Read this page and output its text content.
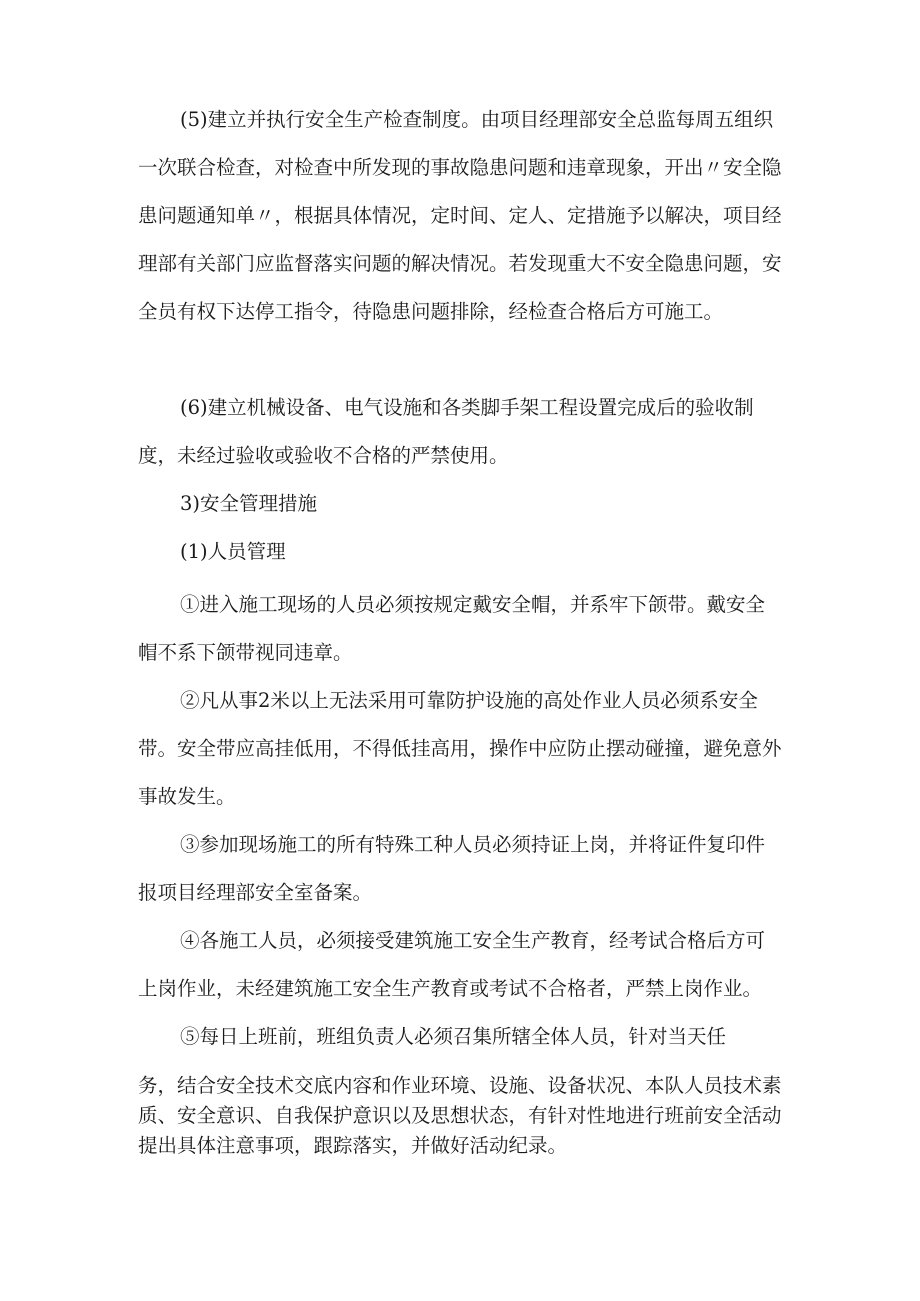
(5)建立并执行安全生产检查制度。由项目经理部安全总监每周五组织一次联合检查，对检查中所发现的事故隐患问题和违章现象，开出〃安全隐患问题通知单〃，根据具体情况，定时间、定人、定措施予以解决，项目经理部有关部门应监督落实问题的解决情况。若发现重大不安全隐患问题，安全员有权下达停工指令，待隐患问题排除，经检查合格后方可施工。

(6)建立机械设备、电气设施和各类脚手架工程设置完成后的验收制度，未经过验收或验收不合格的严禁使用。

3)安全管理措施

(1)人员管理

①进入施工现场的人员必须按规定戴安全帽，并系牢下颌带。戴安全帽不系下颌带视同违章。

②凡从事2米以上无法采用可靠防护设施的高处作业人员必须系安全带。安全带应高挂低用，不得低挂高用，操作中应防止摆动碰撞，避免意外事故发生。

③参加现场施工的所有特殊工种人员必须持证上岗，并将证件复印件报项目经理部安全室备案。

④各施工人员，必须接受建筑施工安全生产教育，经考试合格后方可上岗作业，未经建筑施工安全生产教育或考试不合格者，严禁上岗作业。

⑤每日上班前，班组负责人必须召集所辖全体人员，针对当天任
务，结合安全技术交底内容和作业环境、设施、设备状况、本队人员技术素质、安全意识、自我保护意识以及思想状态，有针对性地进行班前安全活动提出具体注意事项，跟踪落实，并做好活动纪录。
